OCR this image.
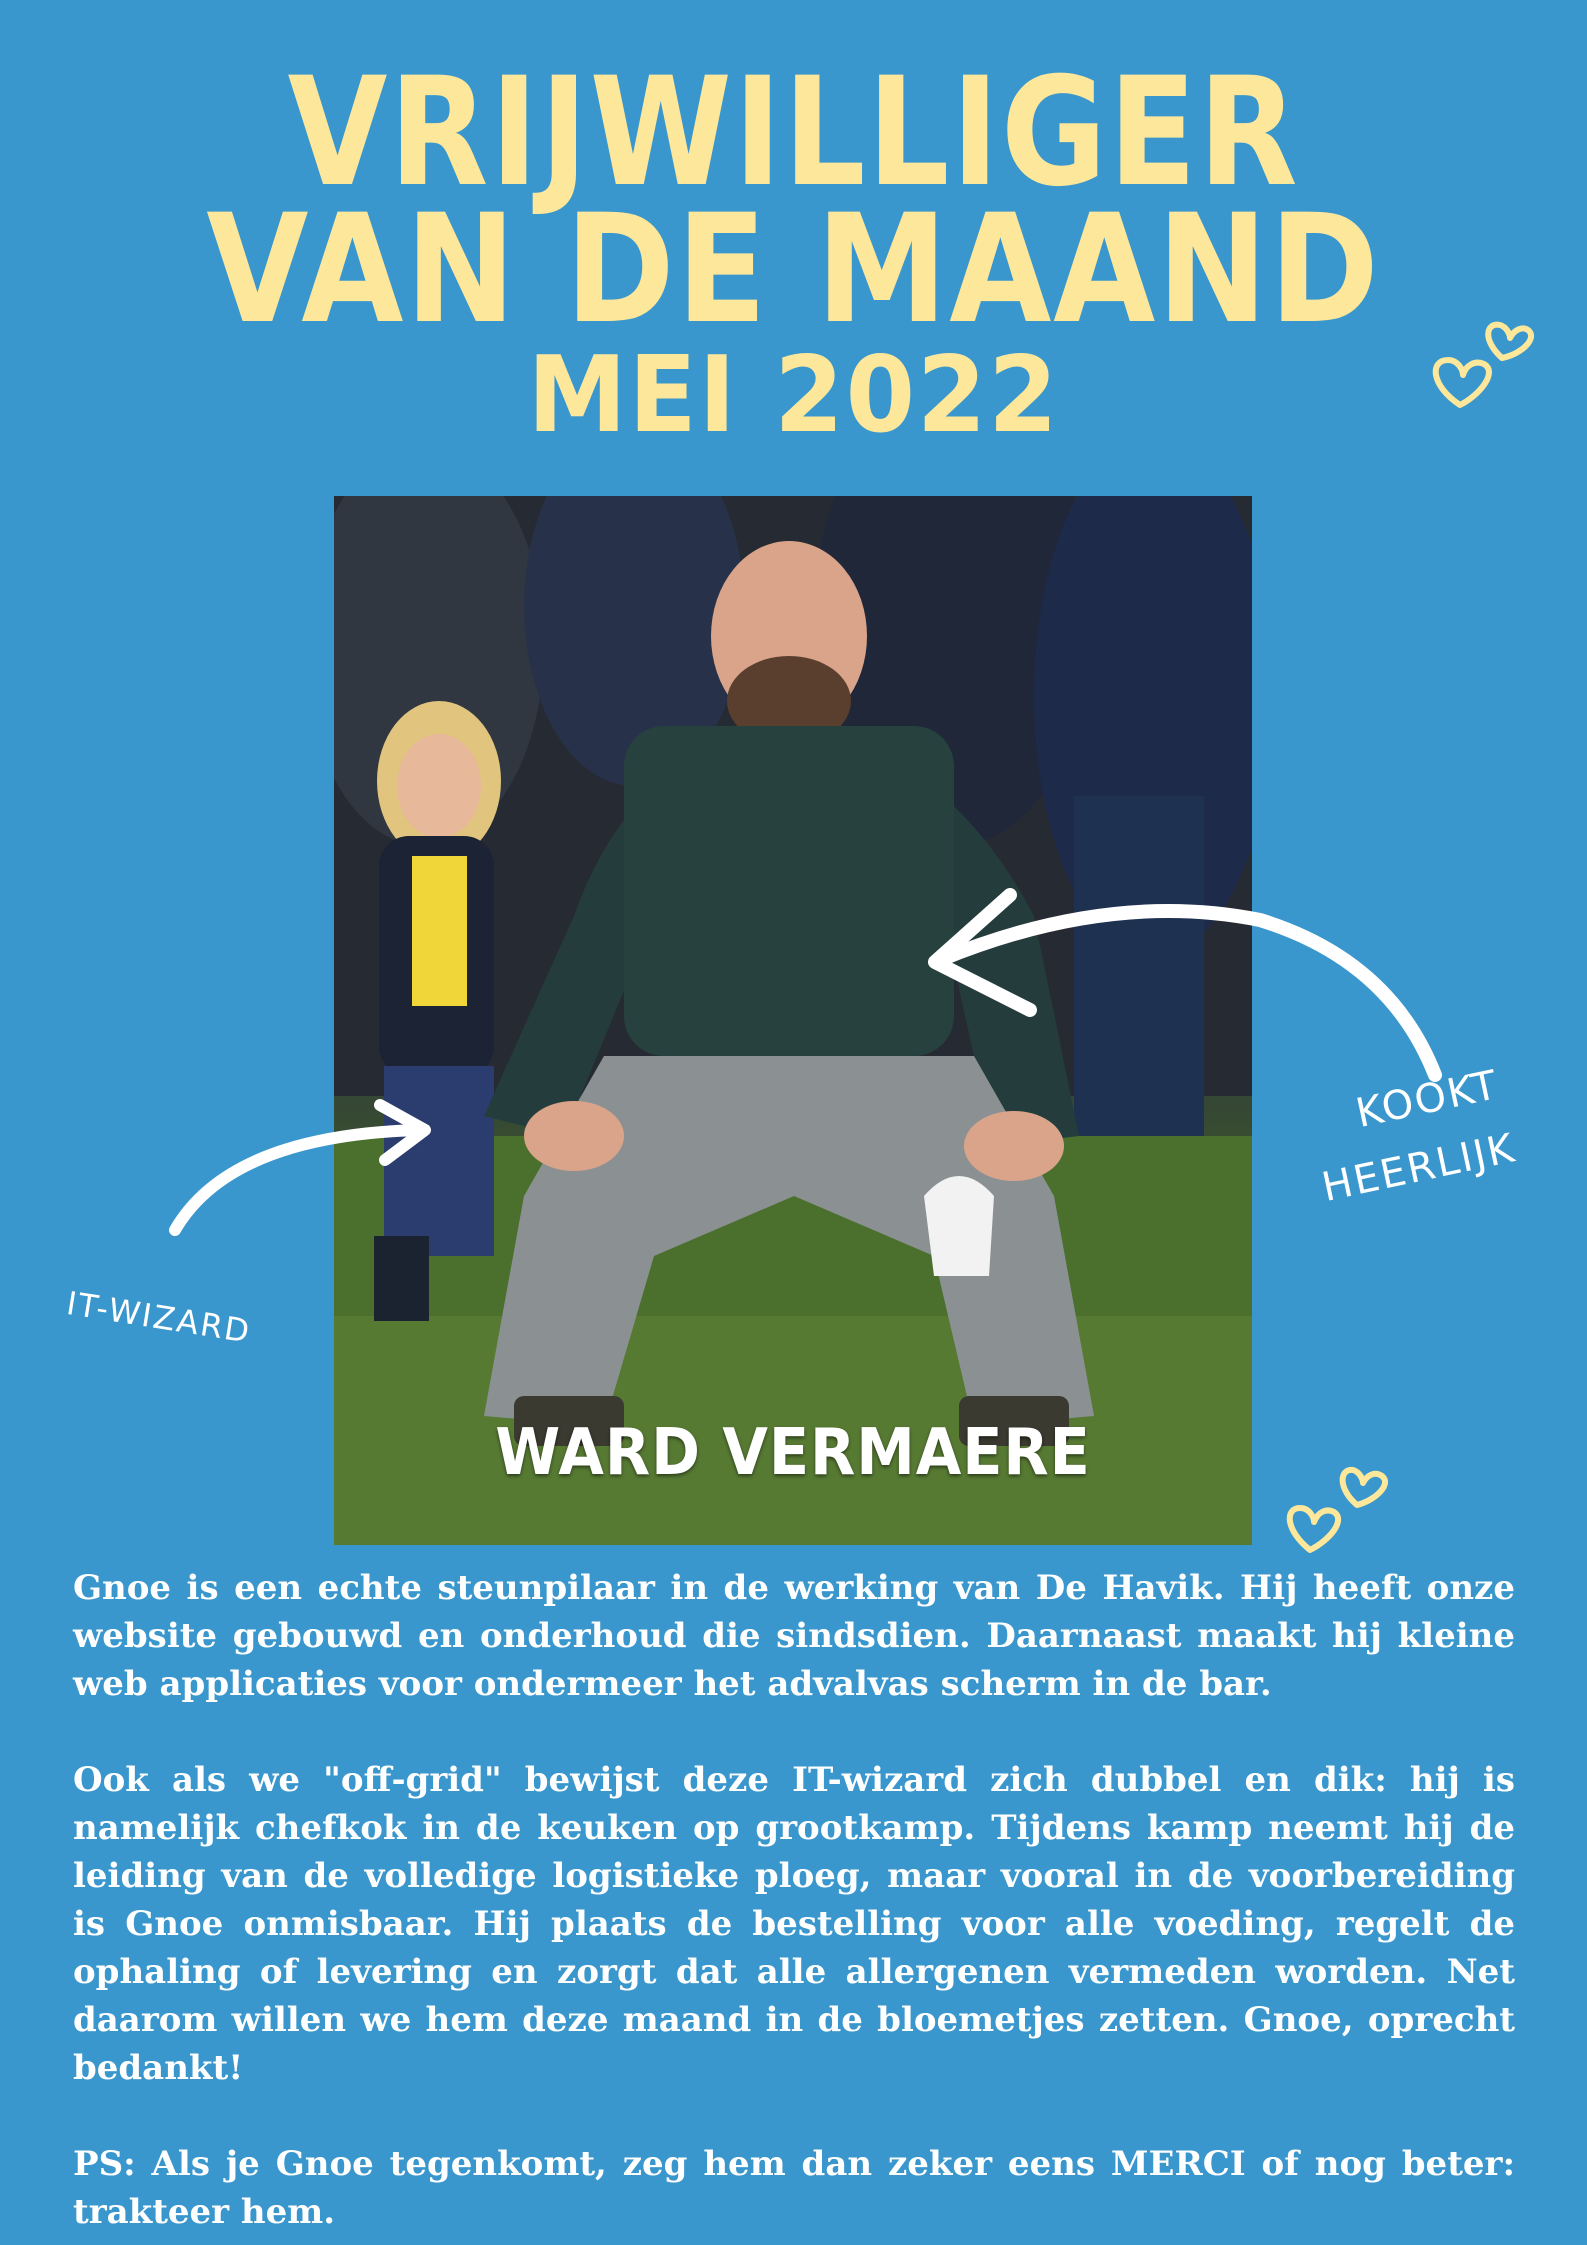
VRIJWILLIGER
VAN DE MAAND
MEI 2022
WARD VERMAERE
KOOKT
HEERLIJK
IT-WIZARD

Gnoe is een echte steunpilaar in de werking van De Havik. Hij heeft onze website gebouwd en onderhoud die sindsdien. Daarnaast maakt hij kleine web applicaties voor ondermeer het advalvas scherm in de bar.

Ook als we "off-grid" bewijst deze IT-wizard zich dubbel en dik: hij is namelijk chefkok in de keuken op grootkamp. Tijdens kamp neemt hij de leiding van de volledige logistieke ploeg, maar vooral in de voorbereiding is Gnoe onmisbaar. Hij plaats de bestelling voor alle voeding, regelt de ophaling of levering en zorgt dat alle allergenen vermeden worden. Net daarom willen we hem deze maand in de bloemetjes zetten. Gnoe, oprecht bedankt!

PS: Als je Gnoe tegenkomt, zeg hem dan zeker eens MERCI of nog beter: trakteer hem.
